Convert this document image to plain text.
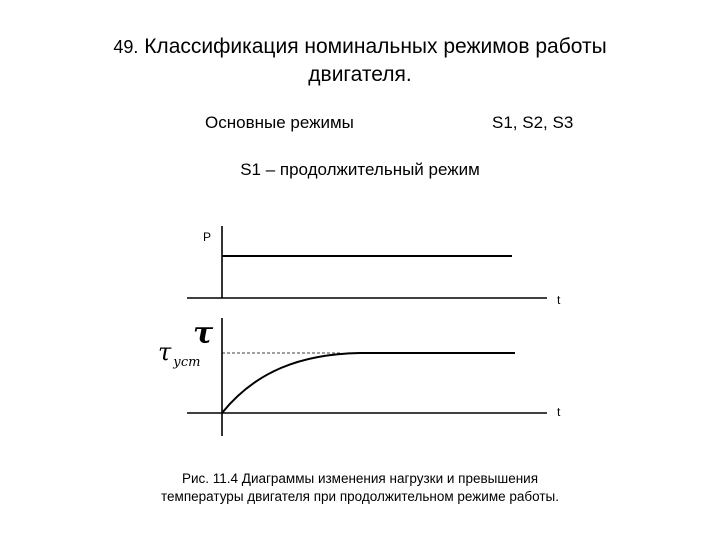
49. Классификация номинальных режимов работы
двигателя.
Основные режимы	S1, S2, S3
S1 – продолжительный режим
P
t
τ
τ $_{уст}$
t
Рис. 11.4 Диаграммы изменения нагрузки и превышения
температуры двигателя при продолжительном режиме работы.
